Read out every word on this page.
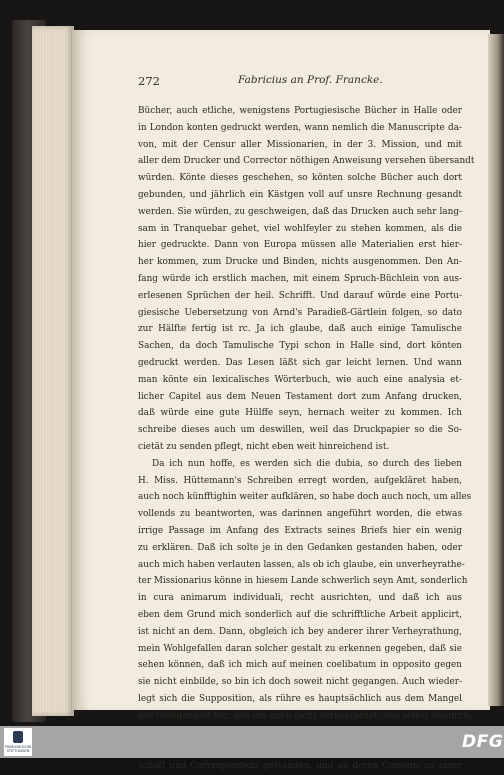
272	Fabricius an Prof. Francke.
Bücher, auch etliche, wenigstens Portugiesische Bücher in Halle oder
in London konten gedruckt werden, wann nemlich die Manuscripte da-
von, mit der Censur aller Missionarien, in der 3. Mission, und mit
aller dem Drucker und Corrector nöthigen Anweisung versehen übersandt
würden. Könte dieses geschehen, so könten solche Bücher auch dort
gebunden, und jährlich ein Kästgen voll auf unsre Rechnung gesandt
werden. Sie würden, zu geschweigen, daß das Drucken auch sehr lang-
sam in Tranquebar gehet, viel wohlfeyler zu stehen kommen, als die
hier gedruckte. Dann von Europa müssen alle Materialien erst hier-
her kommen, zum Drucke und Binden, nichts ausgenommen. Den An-
fang würde ich erstlich machen, mit einem Spruch-Büchlein von aus-
erlesenen Sprüchen der heil. Schrifft. Und darauf würde eine Portu-
giesische Uebersetzung von Arnd's Paradieß-Gärtlein folgen, so dato
zur Hälfte fertig ist rc. Ja ich glaube, daß auch einige Tamulische
Sachen, da doch Tamulische Typi schon in Halle sind, dort könten
gedruckt werden. Das Lesen läßt sich gar leicht lernen. Und wann
man könte ein lexicalisches Wörterbuch, wie auch eine analysia et-
licher Capitel aus dem Neuen Testament dort zum Anfang drucken,
daß würde eine gute Hülffe seyn, hernach weiter zu kommen. Ich
schreibe dieses auch um deswillen, weil das Druckpapier so die So-
cietät zu senden pflegt, nicht eben weit hinreichend ist.
Da ich nun hoffe, es werden sich die dubia, so durch des lieben
H. Miss. Hüttemann's Schreiben erregt worden, aufgekläret haben,
auch noch künfftighin weiter aufklären, so habe doch auch noch, um alles
vollends zu beantworten, was darinnen angeführt worden, die etwas
irrige Passage im Anfang des Extracts seines Briefs hier ein wenig
zu erklären. Daß ich solte je in den Gedanken gestanden haben, oder
auch mich haben verlauten lassen, als ob ich glaube, ein unverheyrathe-
ter Missionarius könne in hiesem Lande schwerlich seyn Amt, sonderlich
in cura animarum individuali, recht ausrichten, und daß ich aus
eben dem Grund mich sonderlich auf die schrifftliche Arbeit applicirt,
ist nicht an dem. Dann, obgleich ich bey anderer ihrer Verheyrathung,
mein Wohlgefallen daran solcher gestalt zu erkennen gegeben, daß sie
sehen können, daß ich mich auf meinen coelibatum in opposito gegen
sie nicht einbilde, so bin ich doch soweit nicht gegangen. Auch wieder-
legt sich die Supposition, als rühre es hauptsächlich aus dem Mangel
der Gelegenheit her, daß ich mich nicht verheyrathet, von selbst dadurch,
schaft und Correspondenz gestanden, und an deren Consens zu einer
FRANCKESCHE STIFTUNGEN	DFG
